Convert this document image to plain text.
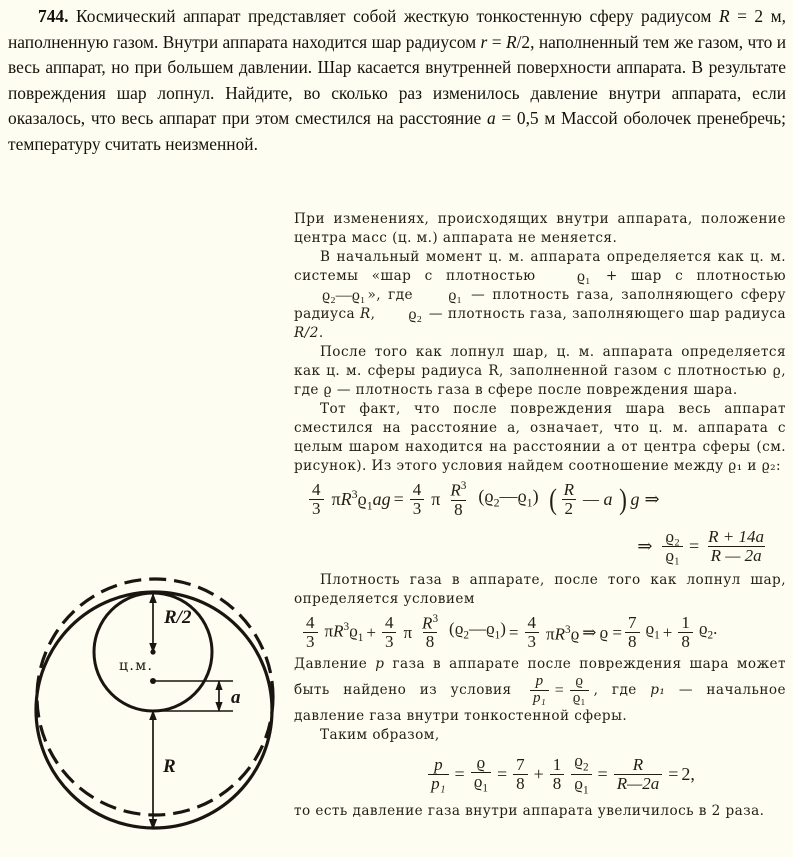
744. Космический аппарат представляет собой жесткую тонкостенную сферу радиусом R = 2 м, наполненную газом. Внутри аппарата находится шар радиусом r = R/2, наполненный тем же газом, что и весь аппарат, но при большем давлении. Шар касается внутренней поверхности аппарата. В результате повреждения шар лопнул. Найдите, во сколько раз изменилось давление внутри аппарата, если оказалось, что весь аппарат при этом сместился на расстояние a = 0,5 м Массой оболочек пренебречь; температуру считать неизменной.
R/2
ц.м.
a
R

При изменениях, происходящих внутри аппарата, положение центра масс (ц. м.) аппарата не меняется.

В начальный момент ц. м. аппарата определяется как ц. м. системы «шар с плотностью ϱ₁ + шар с плотностью ϱ₂—ϱ₁ », где ϱ₁ — плотность газа, заполняющего сферу радиуса R, ϱ₂ — плотность газа, заполняющего шар радиуса R/2.

После того как лопнул шар, ц. м. аппарата определяется как ц. м. сферы радиуса R, заполненной газом с плотностью ϱ, где ϱ — плотность газа в сфере после повреждения шара.

Тот факт, что после повреждения шара весь аппарат сместился на расстояние a, означает, что ц. м. аппарата с целым шаром находится на расстоянии a от центра сферы (см. рисунок). Из этого условия найдем соотношение между ϱ₁ и ϱ₂:

$\frac{4}{3} \pi R^3ϱ_1ag = \frac{4}{3}$ π $\frac{R^3}{8}$ $(ϱ_2—ϱ_1)$ ( $\frac{R}{2}$ — a ) g ⇒
⇒ $\frac{\text{ϱ₂}}{\text{ϱ₁}} = \frac{R + 14a}{R — 2a}$

Плотность газа в аппарате, после того как лопнул шар, определяется условием

$\frac{4}{3} \pi R^3ϱ_1 + \frac{4}{3}$ π $\frac{R^3}{8}$ $(ϱ_2—ϱ_1) = \frac{4}{3} \pi R^3ϱ$ ⇒ $ϱ = \frac{7}{8} ϱ_1 + \frac{1}{8} ϱ_2$.

Давление p газа в аппарате после повреждения шара может быть найдено из условия $\frac{p}{\text{p₁}} = \frac{ϱ}{\text{ϱ₁}}$ , где p₁ — начальное давление газа внутри тонкостенной сферы.

Таким образом,

$\frac{p}{\text{p₁}} = \frac{ϱ}{ϱ_1} = \frac{7}{8} + \frac{1}{8} \frac{ϱ_2}{ϱ_1} = \frac{R}{R—2a} = 2$,

то есть давление газа внутри аппарата увеличилось в 2 раза.
